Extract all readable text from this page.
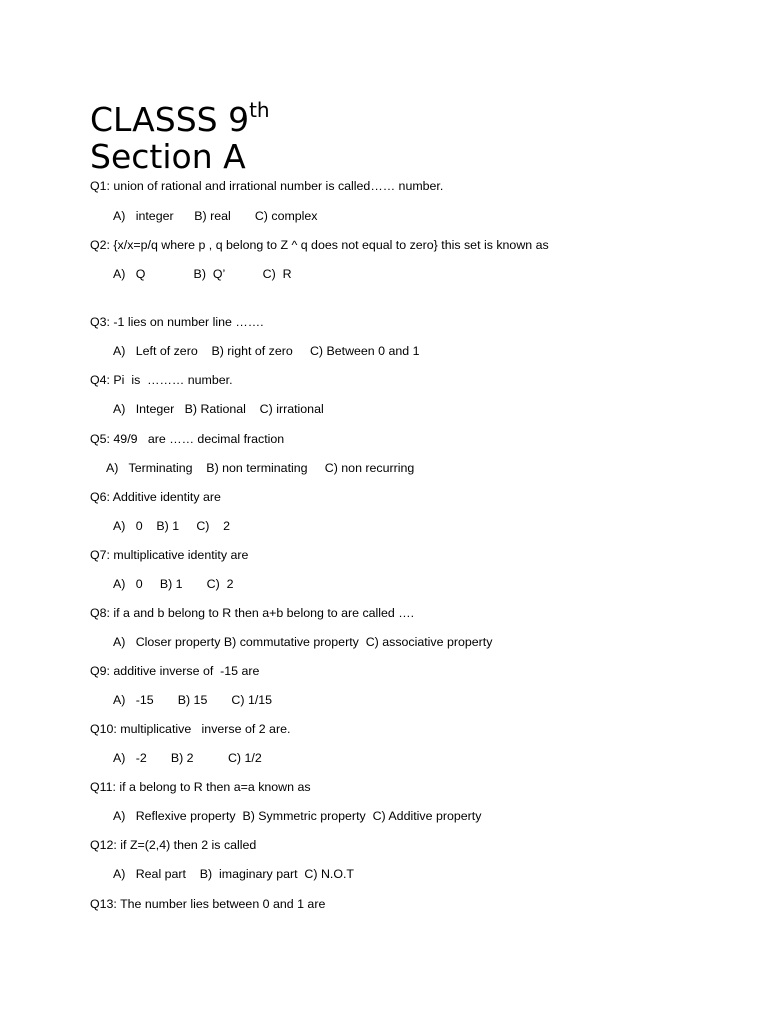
CLASSS 9th
Section A
Q1: union of rational and irrational number is called…… number.
A)   integer      B) real       C) complex
Q2: {x/x=p/q where p , q belong to Z ^ q does not equal to zero} this set is known as
A)   Q              B)  Q’           C)  R
Q3: -1 lies on number line …….
A)   Left of zero    B) right of zero     C) Between 0 and 1
Q4: Pi  is  ……… number.
A)   Integer   B) Rational    C) irrational
Q5: 49/9   are …… decimal fraction
A)   Terminating    B) non terminating     C) non recurring
Q6: Additive identity are
A)   0    B) 1     C)    2
Q7: multiplicative identity are
A)   0     B) 1       C)  2
Q8: if a and b belong to R then a+b belong to are called ….
A)   Closer property B) commutative property  C) associative property
Q9: additive inverse of  -15 are
A)   -15       B) 15       C) 1/15
Q10: multiplicative   inverse of 2 are.
A)   -2       B) 2          C) 1/2
Q11: if a belong to R then a=a known as
A)   Reflexive property  B) Symmetric property  C) Additive property
Q12: if Z=(2,4) then 2 is called
A)   Real part    B)  imaginary part  C) N.O.T
Q13: The number lies between 0 and 1 are
